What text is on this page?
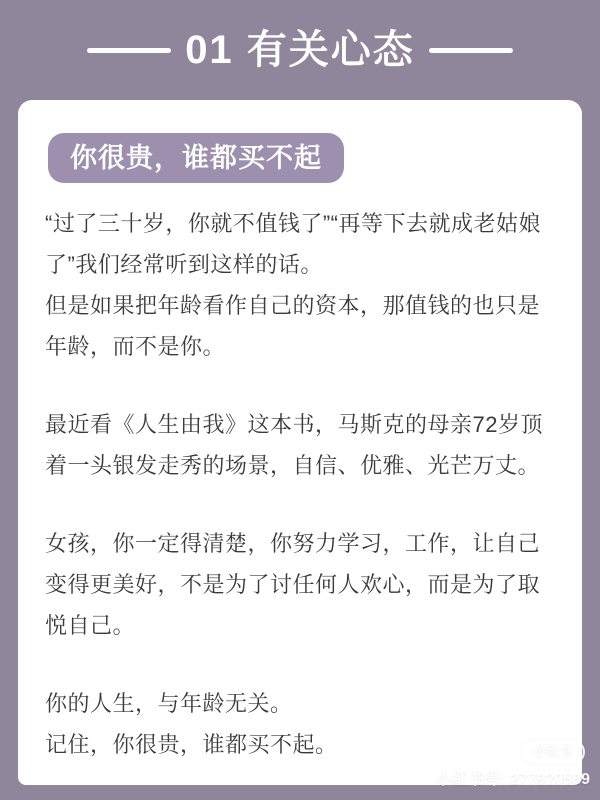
01 有关心态
你很贵，谁都买不起

“过了三十岁，你就不值钱了”“再等下去就成老姑娘了”我们经常听到这样的话。

但是如果把年龄看作自己的资本，那值钱的也只是年龄，而不是你。

最近看《人生由我》这本书，马斯克的母亲72岁顶着一头银发走秀的场景，自信、优雅、光芒万丈。

女孩，你一定得清楚，你努力学习，工作，让自己变得更美好，不是为了讨任何人欢心，而是为了取悦自己。

你的人生，与年龄无关。

记住，你很贵，谁都买不起。	小红书
小红书号: 277920589
